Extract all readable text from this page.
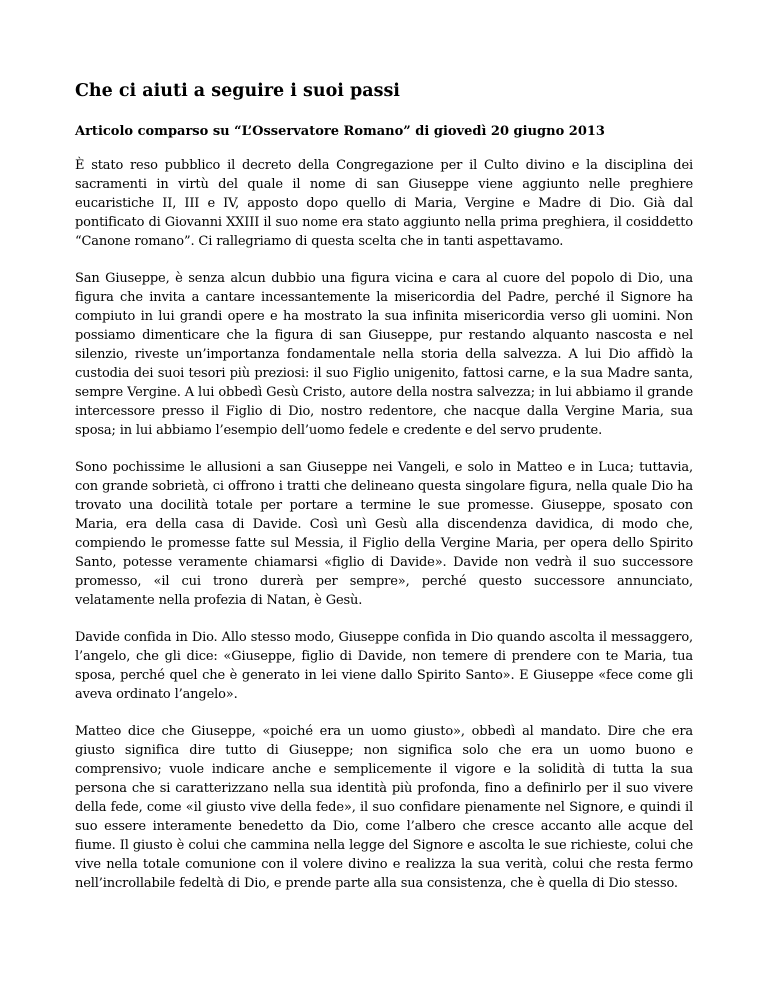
Che ci aiuti a seguire i suoi passi

Articolo comparso su “L’Osservatore Romano” di giovedì 20 giugno 2013

È stato reso pubblico il decreto della Congregazione per il Culto divino e la disciplina dei sacramenti in virtù del quale il nome di san Giuseppe viene aggiunto nelle preghiere eucaristiche II, III e IV, apposto dopo quello di Maria, Vergine e Madre di Dio. Già dal pontificato di Giovanni XXIII il suo nome era stato aggiunto nella prima preghiera, il cosiddetto “Canone romano”. Ci rallegriamo di questa scelta che in tanti aspettavamo.

San Giuseppe, è senza alcun dubbio una figura vicina e cara al cuore del popolo di Dio, una figura che invita a cantare incessantemente la misericordia del Padre, perché il Signore ha compiuto in lui grandi opere e ha mostrato la sua infinita misericordia verso gli uomini. Non possiamo dimenticare che la figura di san Giuseppe, pur restando alquanto nascosta e nel silenzio, riveste un’importanza fondamentale nella storia della salvezza. A lui Dio affidò la custodia dei suoi tesori più preziosi: il suo Figlio unigenito, fattosi carne, e la sua Madre santa, sempre Vergine. A lui obbedì Gesù Cristo, autore della nostra salvezza; in lui abbiamo il grande intercessore presso il Figlio di Dio, nostro redentore, che nacque dalla Vergine Maria, sua sposa; in lui abbiamo l’esempio dell’uomo fedele e credente e del servo prudente.

Sono pochissime le allusioni a san Giuseppe nei Vangeli, e solo in Matteo e in Luca; tuttavia, con grande sobrietà, ci offrono i tratti che delineano questa singolare figura, nella quale Dio ha trovato una docilità totale per portare a termine le sue promesse. Giuseppe, sposato con Maria, era della casa di Davide. Così unì Gesù alla discendenza davidica, di modo che, compiendo le promesse fatte sul Messia, il Figlio della Vergine Maria, per opera dello Spirito Santo, potesse veramente chiamarsi «figlio di Davide». Davide non vedrà il suo successore promesso, «il cui trono durerà per sempre», perché questo successore annunciato, velatamente nella profezia di Natan, è Gesù.

Davide confida in Dio. Allo stesso modo, Giuseppe confida in Dio quando ascolta il messaggero, l’angelo, che gli dice: «Giuseppe, figlio di Davide, non temere di prendere con te Maria, tua sposa, perché quel che è generato in lei viene dallo Spirito Santo». E Giuseppe «fece come gli aveva ordinato l’angelo».

Matteo dice che Giuseppe, «poiché era un uomo giusto», obbedì al mandato. Dire che era giusto significa dire tutto di Giuseppe; non significa solo che era un uomo buono e comprensivo; vuole indicare anche e semplicemente il vigore e la solidità di tutta la sua persona che si caratterizzano nella sua identità più profonda, fino a definirlo per il suo vivere della fede, come «il giusto vive della fede», il suo confidare pienamente nel Signore, e quindi il suo essere interamente benedetto da Dio, come l’albero che cresce accanto alle acque del fiume. Il giusto è colui che cammina nella legge del Signore e ascolta le sue richieste, colui che vive nella totale comunione con il volere divino e realizza la sua verità, colui che resta fermo nell’incrollabile fedeltà di Dio, e prende parte alla sua consistenza, che è quella di Dio stesso.
